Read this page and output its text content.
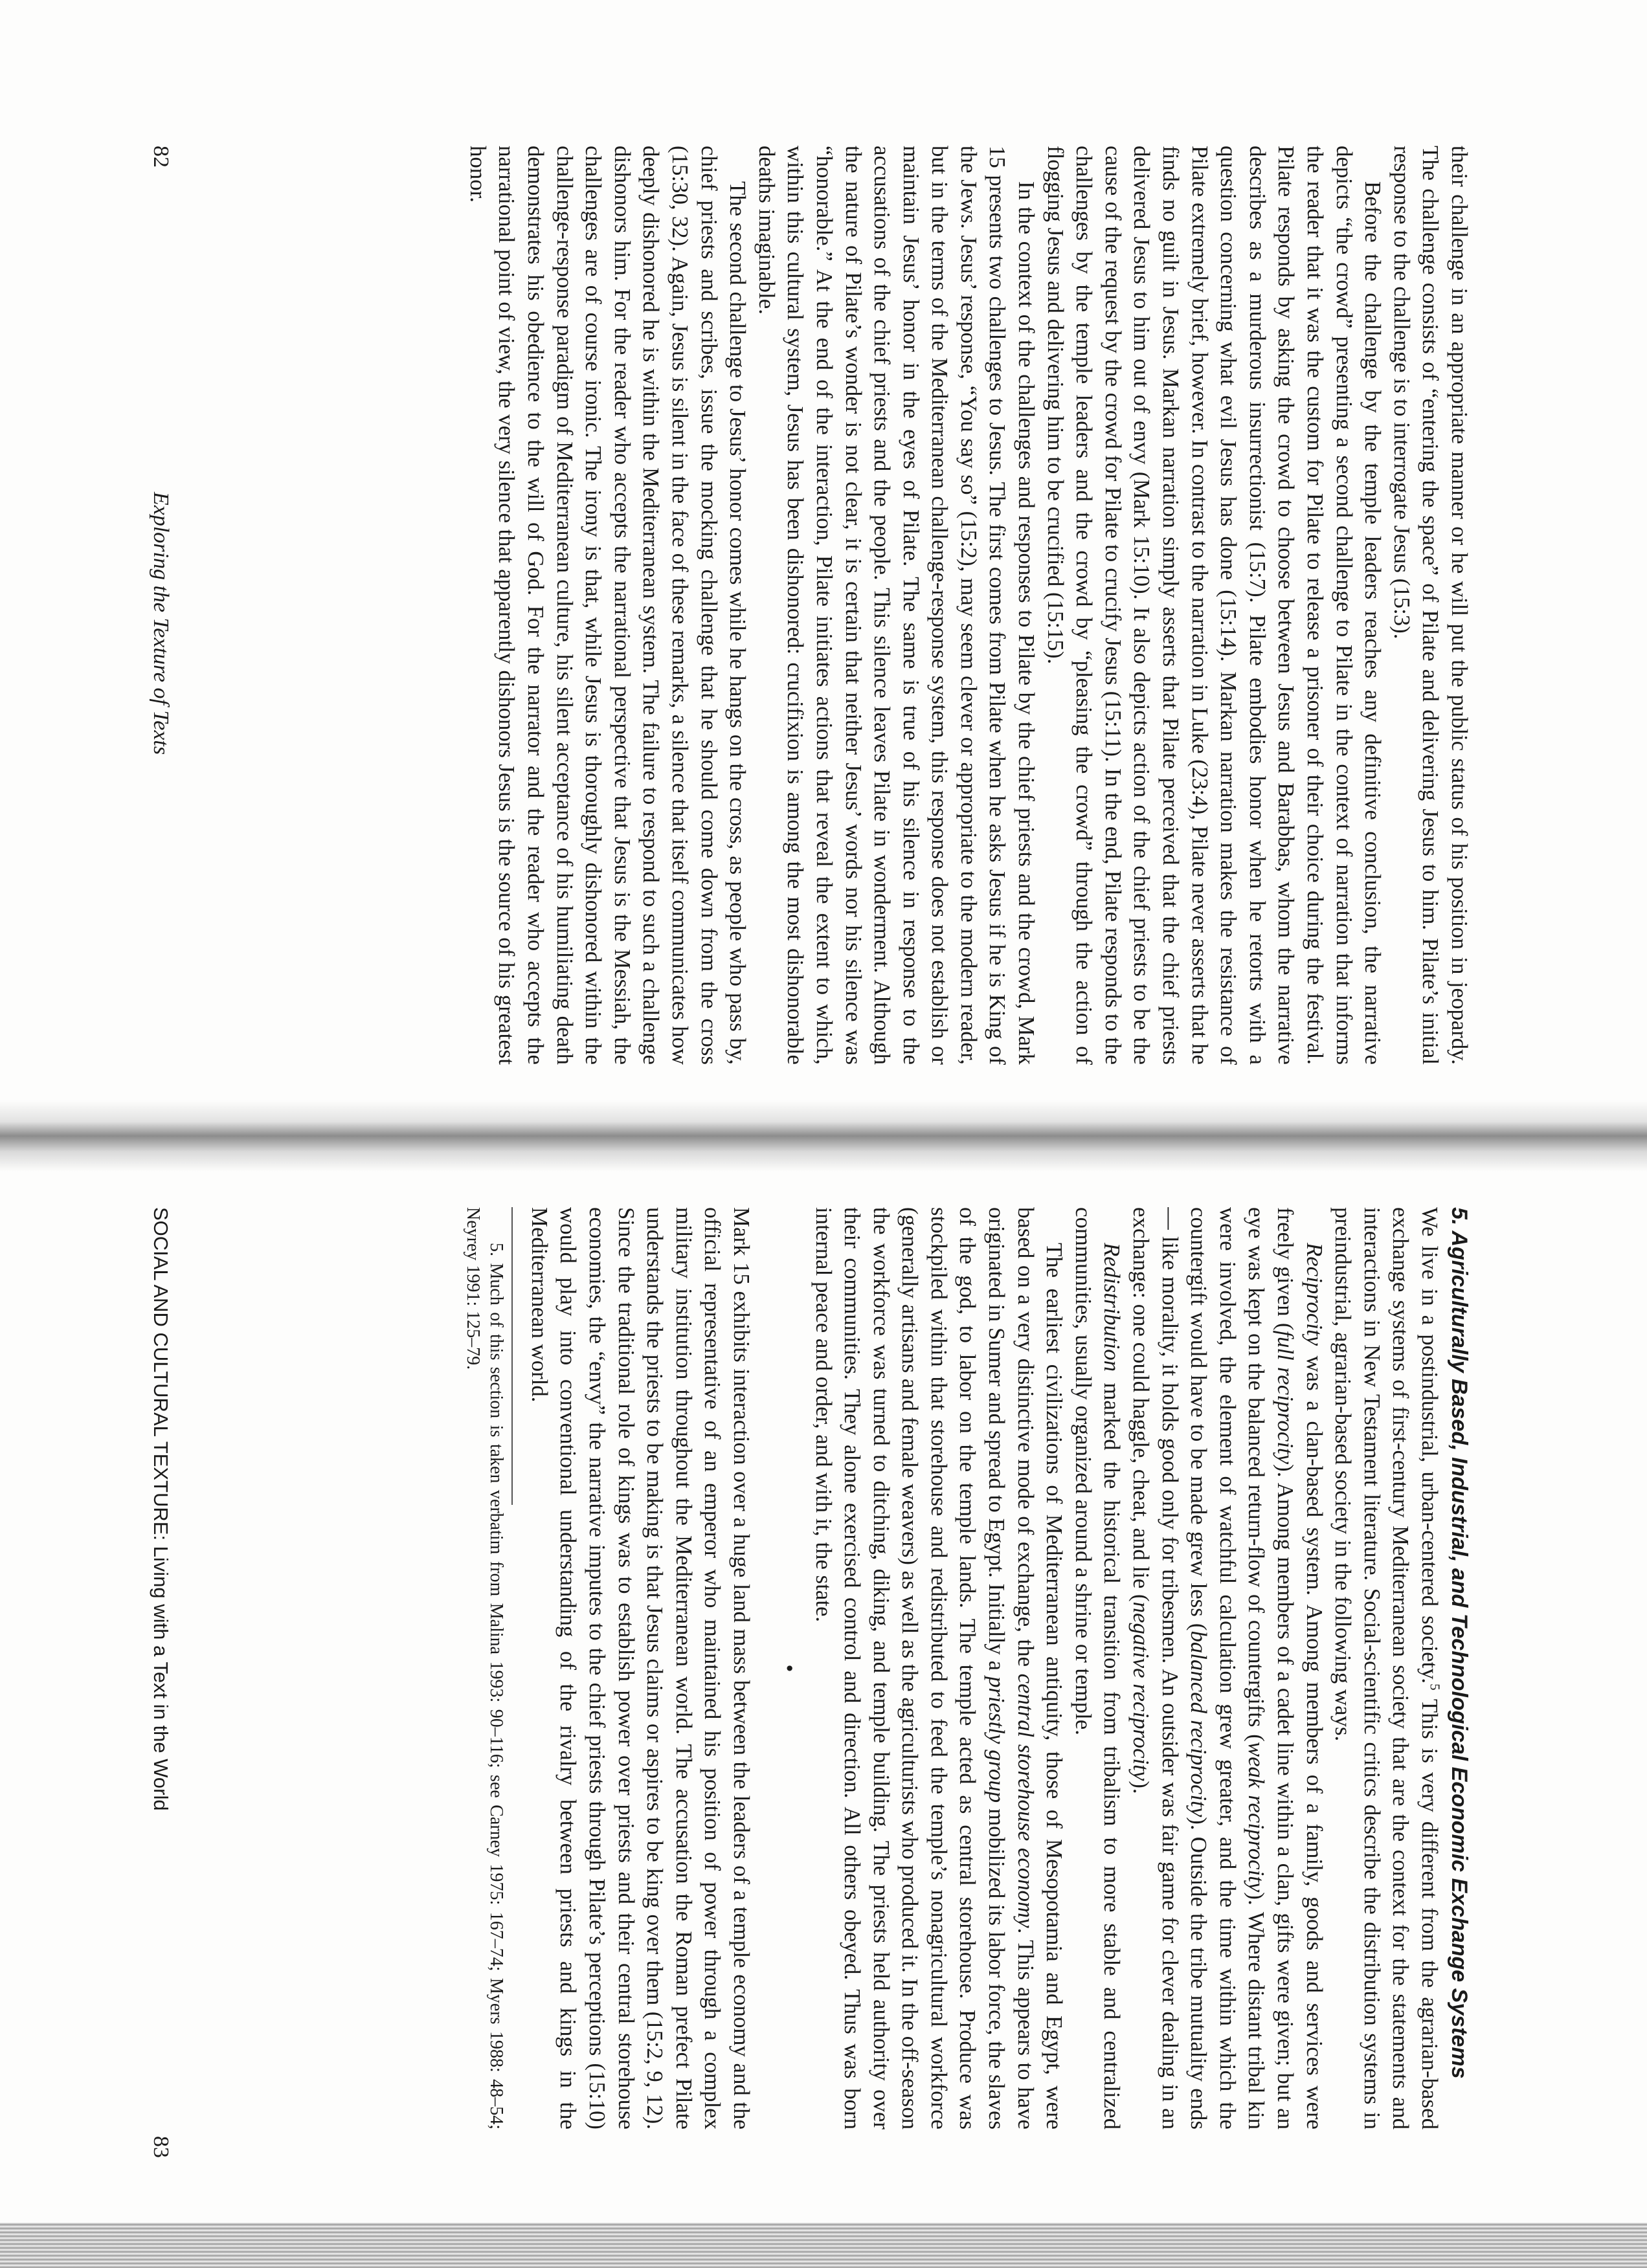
82
Exploring the Texture of Texts	their challenge in an appropriate manner or he will put the public status of his position in jeopardy. The challenge consists of “entering the space” of Pilate and delivering Jesus to him. Pilate’s initial response to the challenge is to interrogate Jesus (15:3).

Before the challenge by the temple leaders reaches any definitive conclusion, the narrative depicts “the crowd” presenting a second challenge to Pilate in the context of narration that informs the reader that it was the custom for Pilate to release a prisoner of their choice during the festival. Pilate responds by asking the crowd to choose between Jesus and Barabbas, whom the narrative describes as a murderous insurrectionist (15:7). Pilate embodies honor when he retorts with a question concerning what evil Jesus has done (15:14). Markan narration makes the resistance of Pilate extremely brief, however. In contrast to the narration in Luke (23:4), Pilate never asserts that he finds no guilt in Jesus. Markan narration simply asserts that Pilate perceived that the chief priests delivered Jesus to him out of envy (Mark 15:10). It also depicts action of the chief priests to be the cause of the request by the crowd for Pilate to crucify Jesus (15:11). In the end, Pilate responds to the challenges by the temple leaders and the crowd by “pleasing the crowd” through the action of flogging Jesus and delivering him to be crucified (15:15).

In the context of the challenges and responses to Pilate by the chief priests and the crowd, Mark 15 presents two challenges to Jesus. The first comes from Pilate when he asks Jesus if he is King of the Jews. Jesus’ response, “You say so” (15:2), may seem clever or appropriate to the modern reader, but in the terms of the Mediterranean challenge-response system, this response does not establish or maintain Jesus’ honor in the eyes of Pilate. The same is true of his silence in response to the accusations of the chief priests and the people. This silence leaves Pilate in wonderment. Although the nature of Pilate’s wonder is not clear, it is certain that neither Jesus’ words nor his silence was “honorable.” At the end of the interaction, Pilate initiates actions that reveal the extent to which, within this cultural system, Jesus has been dishonored: crucifixion is among the most dishonorable deaths imaginable.

The second challenge to Jesus’ honor comes while he hangs on the cross, as people who pass by, chief priests and scribes, issue the mocking challenge that he should come down from the cross (15:30, 32). Again, Jesus is silent in the face of these remarks, a silence that itself communicates how deeply dishonored he is within the Mediterranean system. The failure to respond to such a challenge dishonors him. For the reader who accepts the narrational perspective that Jesus is the Messiah, the challenges are of course ironic. The irony is that, while Jesus is thoroughly dishonored within the challenge-response paradigm of Mediterranean culture, his silent acceptance of his humiliating death demonstrates his obedience to the will of God. For the narrator and the reader who accepts the narrational point of view, the very silence that apparently dishonors Jesus is the source of his greatest honor.

SOCIAL AND CULTURAL TEXTURE: Living with a Text in the World
83
5. Agriculturally Based, Industrial, and Technological Economic Exchange Systems

We live in a postindustrial, urban-centered society.$^5$ This is very different from the agrarian-based exchange systems of first-century Mediterranean society that are the context for the statements and interactions in New Testament literature. Social-scientific critics describe the distribution systems in preindustrial, agrarian-based society in the following ways.

Reciprocity was a clan-based system. Among members of a family, goods and services were freely given (full reciprocity). Among members of a cadet line within a clan, gifts were given; but an eye was kept on the balanced return-flow of countergifts (weak reciprocity). Where distant tribal kin were involved, the element of watchful calculation grew greater, and the time within which the countergift would have to be made grew less (balanced reciprocity). Outside the tribe mutuality ends — like morality, it holds good only for tribesmen. An outsider was fair game for clever dealing in an exchange: one could haggle, cheat, and lie (negative reciprocity).

Redistribution marked the historical transition from tribalism to more stable and centralized communities, usually organized around a shrine or temple.

The earliest civilizations of Mediterranean antiquity, those of Mesopotamia and Egypt, were based on a very distinctive mode of exchange, the central storehouse economy. This appears to have originated in Sumer and spread to Egypt. Initially a priestly group mobilized its labor force, the slaves of the god, to labor on the temple lands. The temple acted as central storehouse. Produce was stockpiled within that storehouse and redistributed to feed the temple’s nonagricultural workforce (generally artisans and female weavers) as well as the agriculturists who produced it. In the off-season the workforce was turned to ditching, diking, and temple building. The priests held authority over their communities. They alone exercised control and direction. All others obeyed. Thus was born internal peace and order, and with it, the state.

•

Mark 15 exhibits interaction over a huge land mass between the leaders of a temple economy and the official representative of an emperor who maintained his position of power through a complex military institution throughout the Mediterranean world. The accusation the Roman prefect Pilate understands the priests to be making is that Jesus claims or aspires to be king over them (15:2, 9, 12). Since the traditional role of kings was to establish power over priests and their central storehouse economies, the “envy” the narrative imputes to the chief priests through Pilate’s perceptions (15:10) would play into conventional understanding of the rivalry between priests and kings in the Mediterranean world.

5. Much of this section is taken verbatim from Malina 1993: 90–116; see Carney 1975: 167–74; Myers 1988: 48–54; Neyrey 1991: 125–79.
